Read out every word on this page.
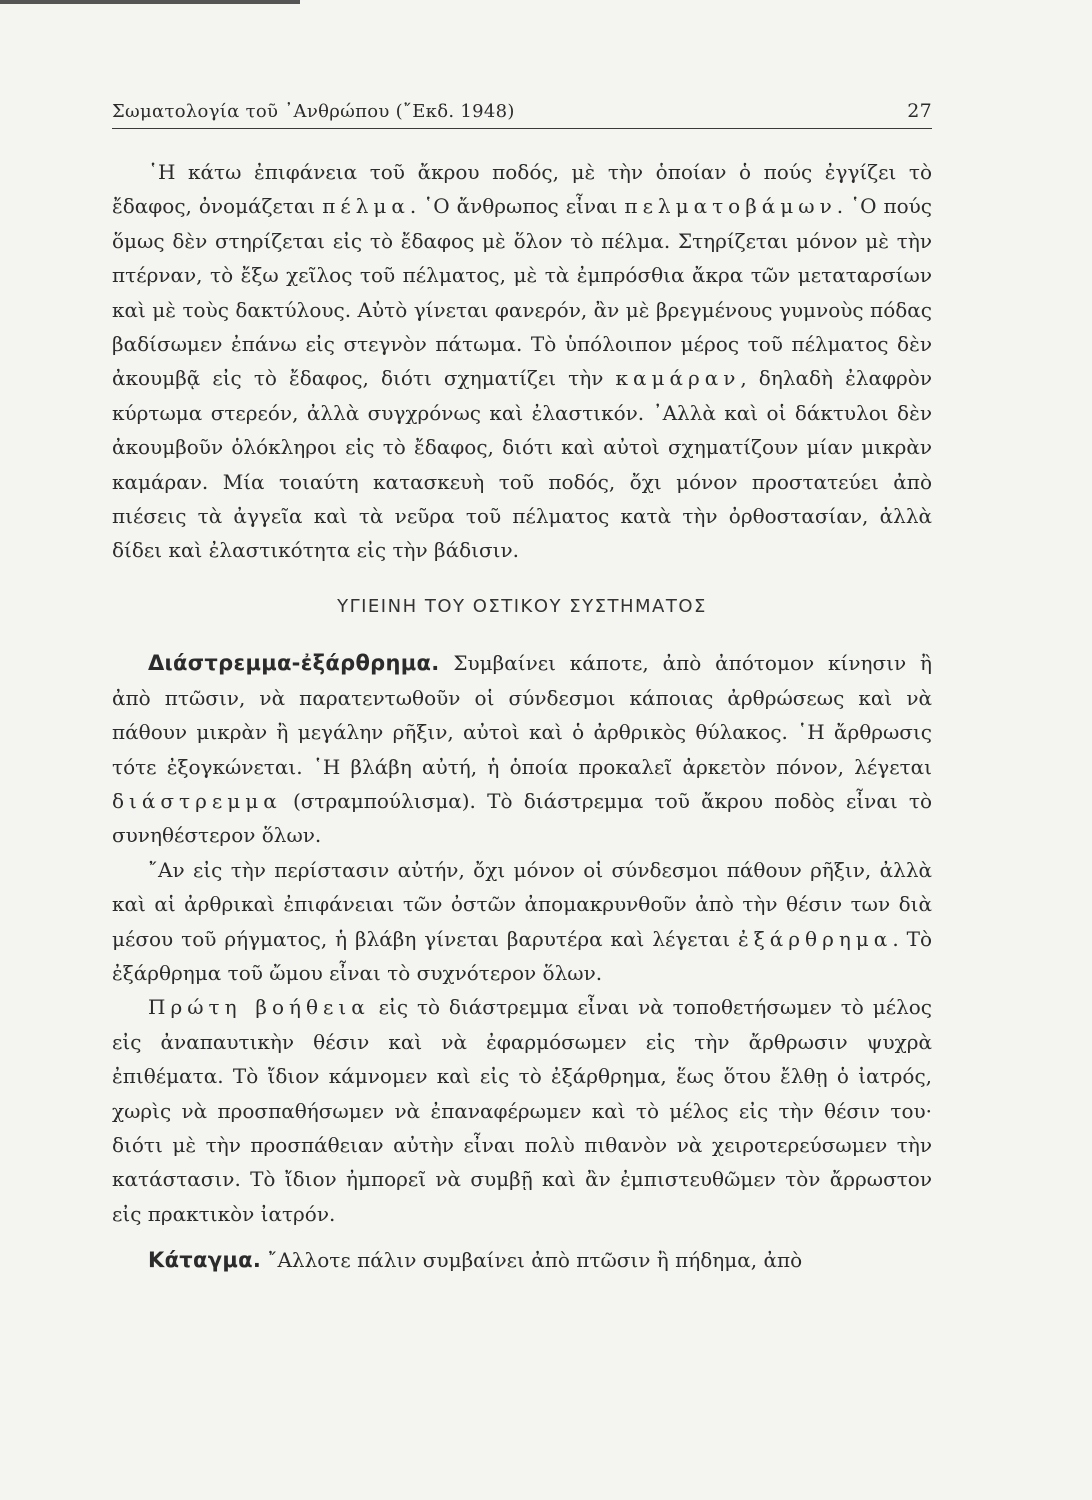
Σωματολογία τοῦ ᾿Ανθρώπου (῎Εκδ. 1948)	27

῾Η κάτω ἐπιφάνεια τοῦ ἄκρου ποδός, μὲ τὴν ὁποίαν ὁ πούς ἐγγίζει τὸ ἔδαφος, ὀνομάζεται πέλμα. ῾Ο ἄνθρωπος εἶναι πελματοβάμων. ῾Ο πούς ὅμως δὲν στηρίζεται εἰς τὸ ἔδαφος μὲ ὅλον τὸ πέλμα. Στηρίζεται μόνον μὲ τὴν πτέρναν, τὸ ἔξω χεῖλος τοῦ πέλματος, μὲ τὰ ἐμπρόσθια ἄκρα τῶν μεταταρσίων καὶ μὲ τοὺς δακτύλους. Αὐτὸ γίνεται φανερόν, ἂν μὲ βρεγμένους γυμνοὺς πόδας βαδίσωμεν ἐπάνω εἰς στεγνὸν πάτωμα. Τὸ ὑπόλοιπον μέρος τοῦ πέλματος δὲν ἀκουμβᾷ εἰς τὸ ἔδαφος, διότι σχηματίζει τὴν καμάραν, δηλαδὴ ἐλαφρὸν κύρτωμα στερεόν, ἀλλὰ συγχρόνως καὶ ἐλαστικόν. ᾿Αλλὰ καὶ οἱ δάκτυλοι δὲν ἀκουμβοῦν ὁλόκληροι εἰς τὸ ἔδαφος, διότι καὶ αὐτοὶ σχηματίζουν μίαν μικρὰν καμάραν. Μία τοιαύτη κατασκευὴ τοῦ ποδός, ὄχι μόνον προστατεύει ἀπὸ πιέσεις τὰ ἀγγεῖα καὶ τὰ νεῦρα τοῦ πέλματος κατὰ τὴν ὀρθοστασίαν, ἀλλὰ δίδει καὶ ἐλαστικότητα εἰς τὴν βάδισιν.

ΥΓΙΕΙΝΗ ΤΟΥ ΟΣΤΙΚΟΥ ΣΥΣΤΗΜΑΤΟΣ

Διάστρεμμα-ἐξάρθρημα. Συμβαίνει κάποτε, ἀπὸ ἀπότομον κίνησιν ἢ ἀπὸ πτῶσιν, νὰ παρατεντωθοῦν οἱ σύνδεσμοι κάποιας ἀρθρώσεως καὶ νὰ πάθουν μικρὰν ἢ μεγάλην ρῆξιν, αὐτοὶ καὶ ὁ ἀρθρικὸς θύλακος. ῾Η ἄρθρωσις τότε ἐξογκώνεται. ῾Η βλάβη αὐτή, ἡ ὁποία προκαλεῖ ἀρκετὸν πόνον, λέγεται διάστρεμμα (στραμπούλισμα). Τὸ διάστρεμμα τοῦ ἄκρου ποδὸς εἶναι τὸ συνηθέστερον ὅλων.

῎Αν εἰς τὴν περίστασιν αὐτήν, ὄχι μόνον οἱ σύνδεσμοι πάθουν ρῆξιν, ἀλλὰ καὶ αἱ ἀρθρικαὶ ἐπιφάνειαι τῶν ὀστῶν ἀπομακρυνθοῦν ἀπὸ τὴν θέσιν των διὰ μέσου τοῦ ρήγματος, ἡ βλάβη γίνεται βαρυτέρα καὶ λέγεται ἐξάρθρημα. Τὸ ἐξάρθρημα τοῦ ὤμου εἶναι τὸ συχνότερον ὅλων.

Πρώτη βοήθεια εἰς τὸ διάστρεμμα εἶναι νὰ τοποθετήσωμεν τὸ μέλος εἰς ἀναπαυτικὴν θέσιν καὶ νὰ ἐφαρμόσωμεν εἰς τὴν ἄρθρωσιν ψυχρὰ ἐπιθέματα. Τὸ ἴδιον κάμνομεν καὶ εἰς τὸ ἐξάρθρημα, ἕως ὅτου ἔλθῃ ὁ ἰατρός, χωρὶς νὰ προσπαθήσωμεν νὰ ἐπαναφέρωμεν καὶ τὸ μέλος εἰς τὴν θέσιν του· διότι μὲ τὴν προσπάθειαν αὐτὴν εἶναι πολὺ πιθανὸν νὰ χειροτερεύσωμεν τὴν κατάστασιν. Τὸ ἴδιον ἠμπορεῖ νὰ συμβῇ καὶ ἂν ἐμπιστευθῶμεν τὸν ἄρρωστον εἰς πρακτικὸν ἰατρόν.

Κάταγμα. ῎Αλλοτε πάλιν συμβαίνει ἀπὸ πτῶσιν ἢ πήδημα, ἀπὸ
